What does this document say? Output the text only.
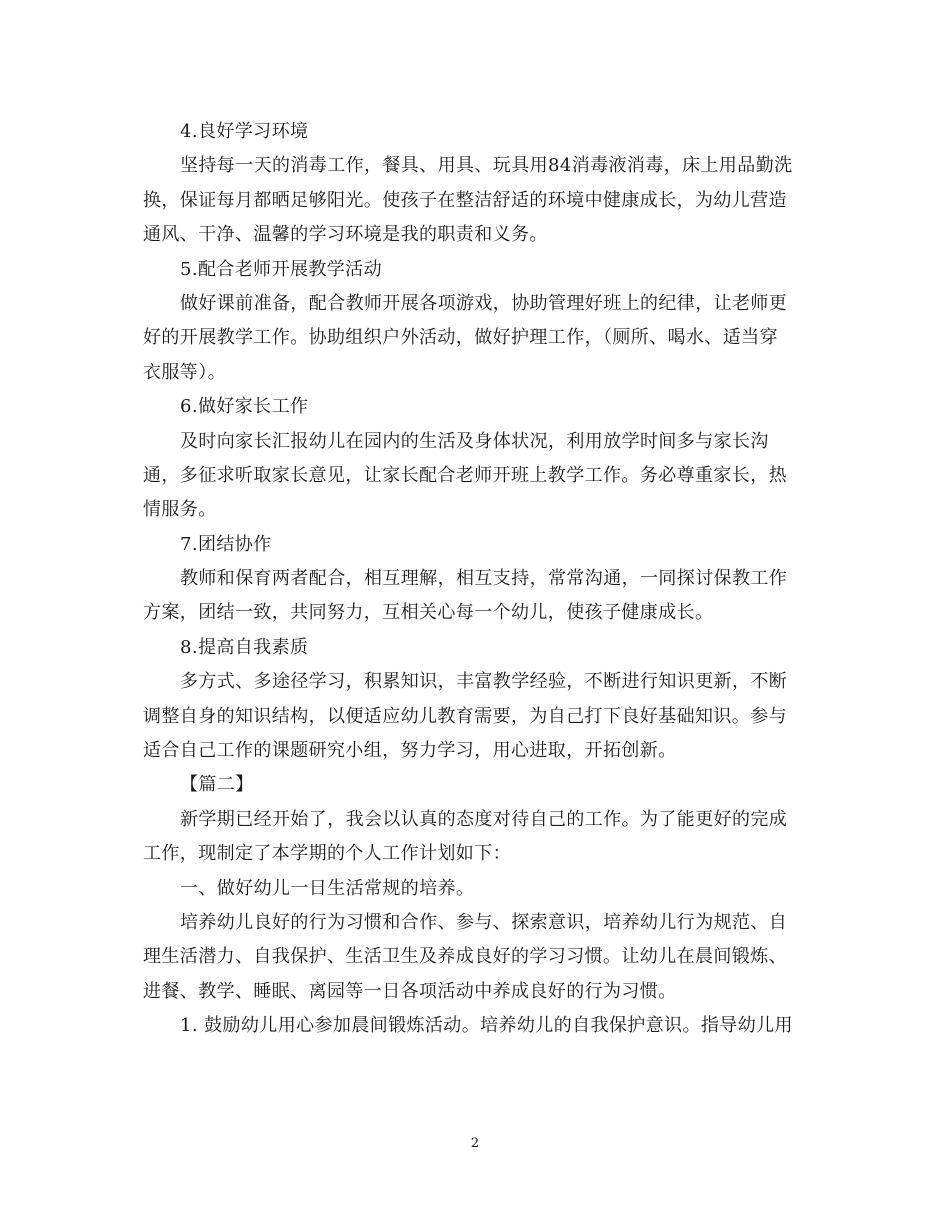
4.良好学习环境
坚持每一天的消毒工作，餐具、用具、玩具用84消毒液消毒，床上用品勤洗
换，保证每月都晒足够阳光。使孩子在整洁舒适的环境中健康成长，为幼儿营造
通风、干净、温馨的学习环境是我的职责和义务。
5.配合老师开展教学活动
做好课前准备，配合教师开展各项游戏，协助管理好班上的纪律，让老师更
好的开展教学工作。协助组织户外活动，做好护理工作，（厕所、喝水、适当穿
衣服等）。
6.做好家长工作
及时向家长汇报幼儿在园内的生活及身体状况，利用放学时间多与家长沟
通，多征求听取家长意见，让家长配合老师开班上教学工作。务必尊重家长，热
情服务。
7.团结协作
教师和保育两者配合，相互理解，相互支持，常常沟通，一同探讨保教工作
方案，团结一致，共同努力，互相关心每一个幼儿，使孩子健康成长。
8.提高自我素质
多方式、多途径学习，积累知识，丰富教学经验，不断进行知识更新，不断
调整自身的知识结构，以便适应幼儿教育需要，为自己打下良好基础知识。参与
适合自己工作的课题研究小组，努力学习，用心进取，开拓创新。
【篇二】
新学期已经开始了，我会以认真的态度对待自己的工作。为了能更好的完成
工作，现制定了本学期的个人工作计划如下：
一、做好幼儿一日生活常规的培养。
培养幼儿良好的行为习惯和合作、参与、探索意识，培养幼儿行为规范、自
理生活潜力、自我保护、生活卫生及养成良好的学习习惯。让幼儿在晨间锻炼、
进餐、教学、睡眠、离园等一日各项活动中养成良好的行为习惯。
1. 鼓励幼儿用心参加晨间锻炼活动。培养幼儿的自我保护意识。指导幼儿用
2
